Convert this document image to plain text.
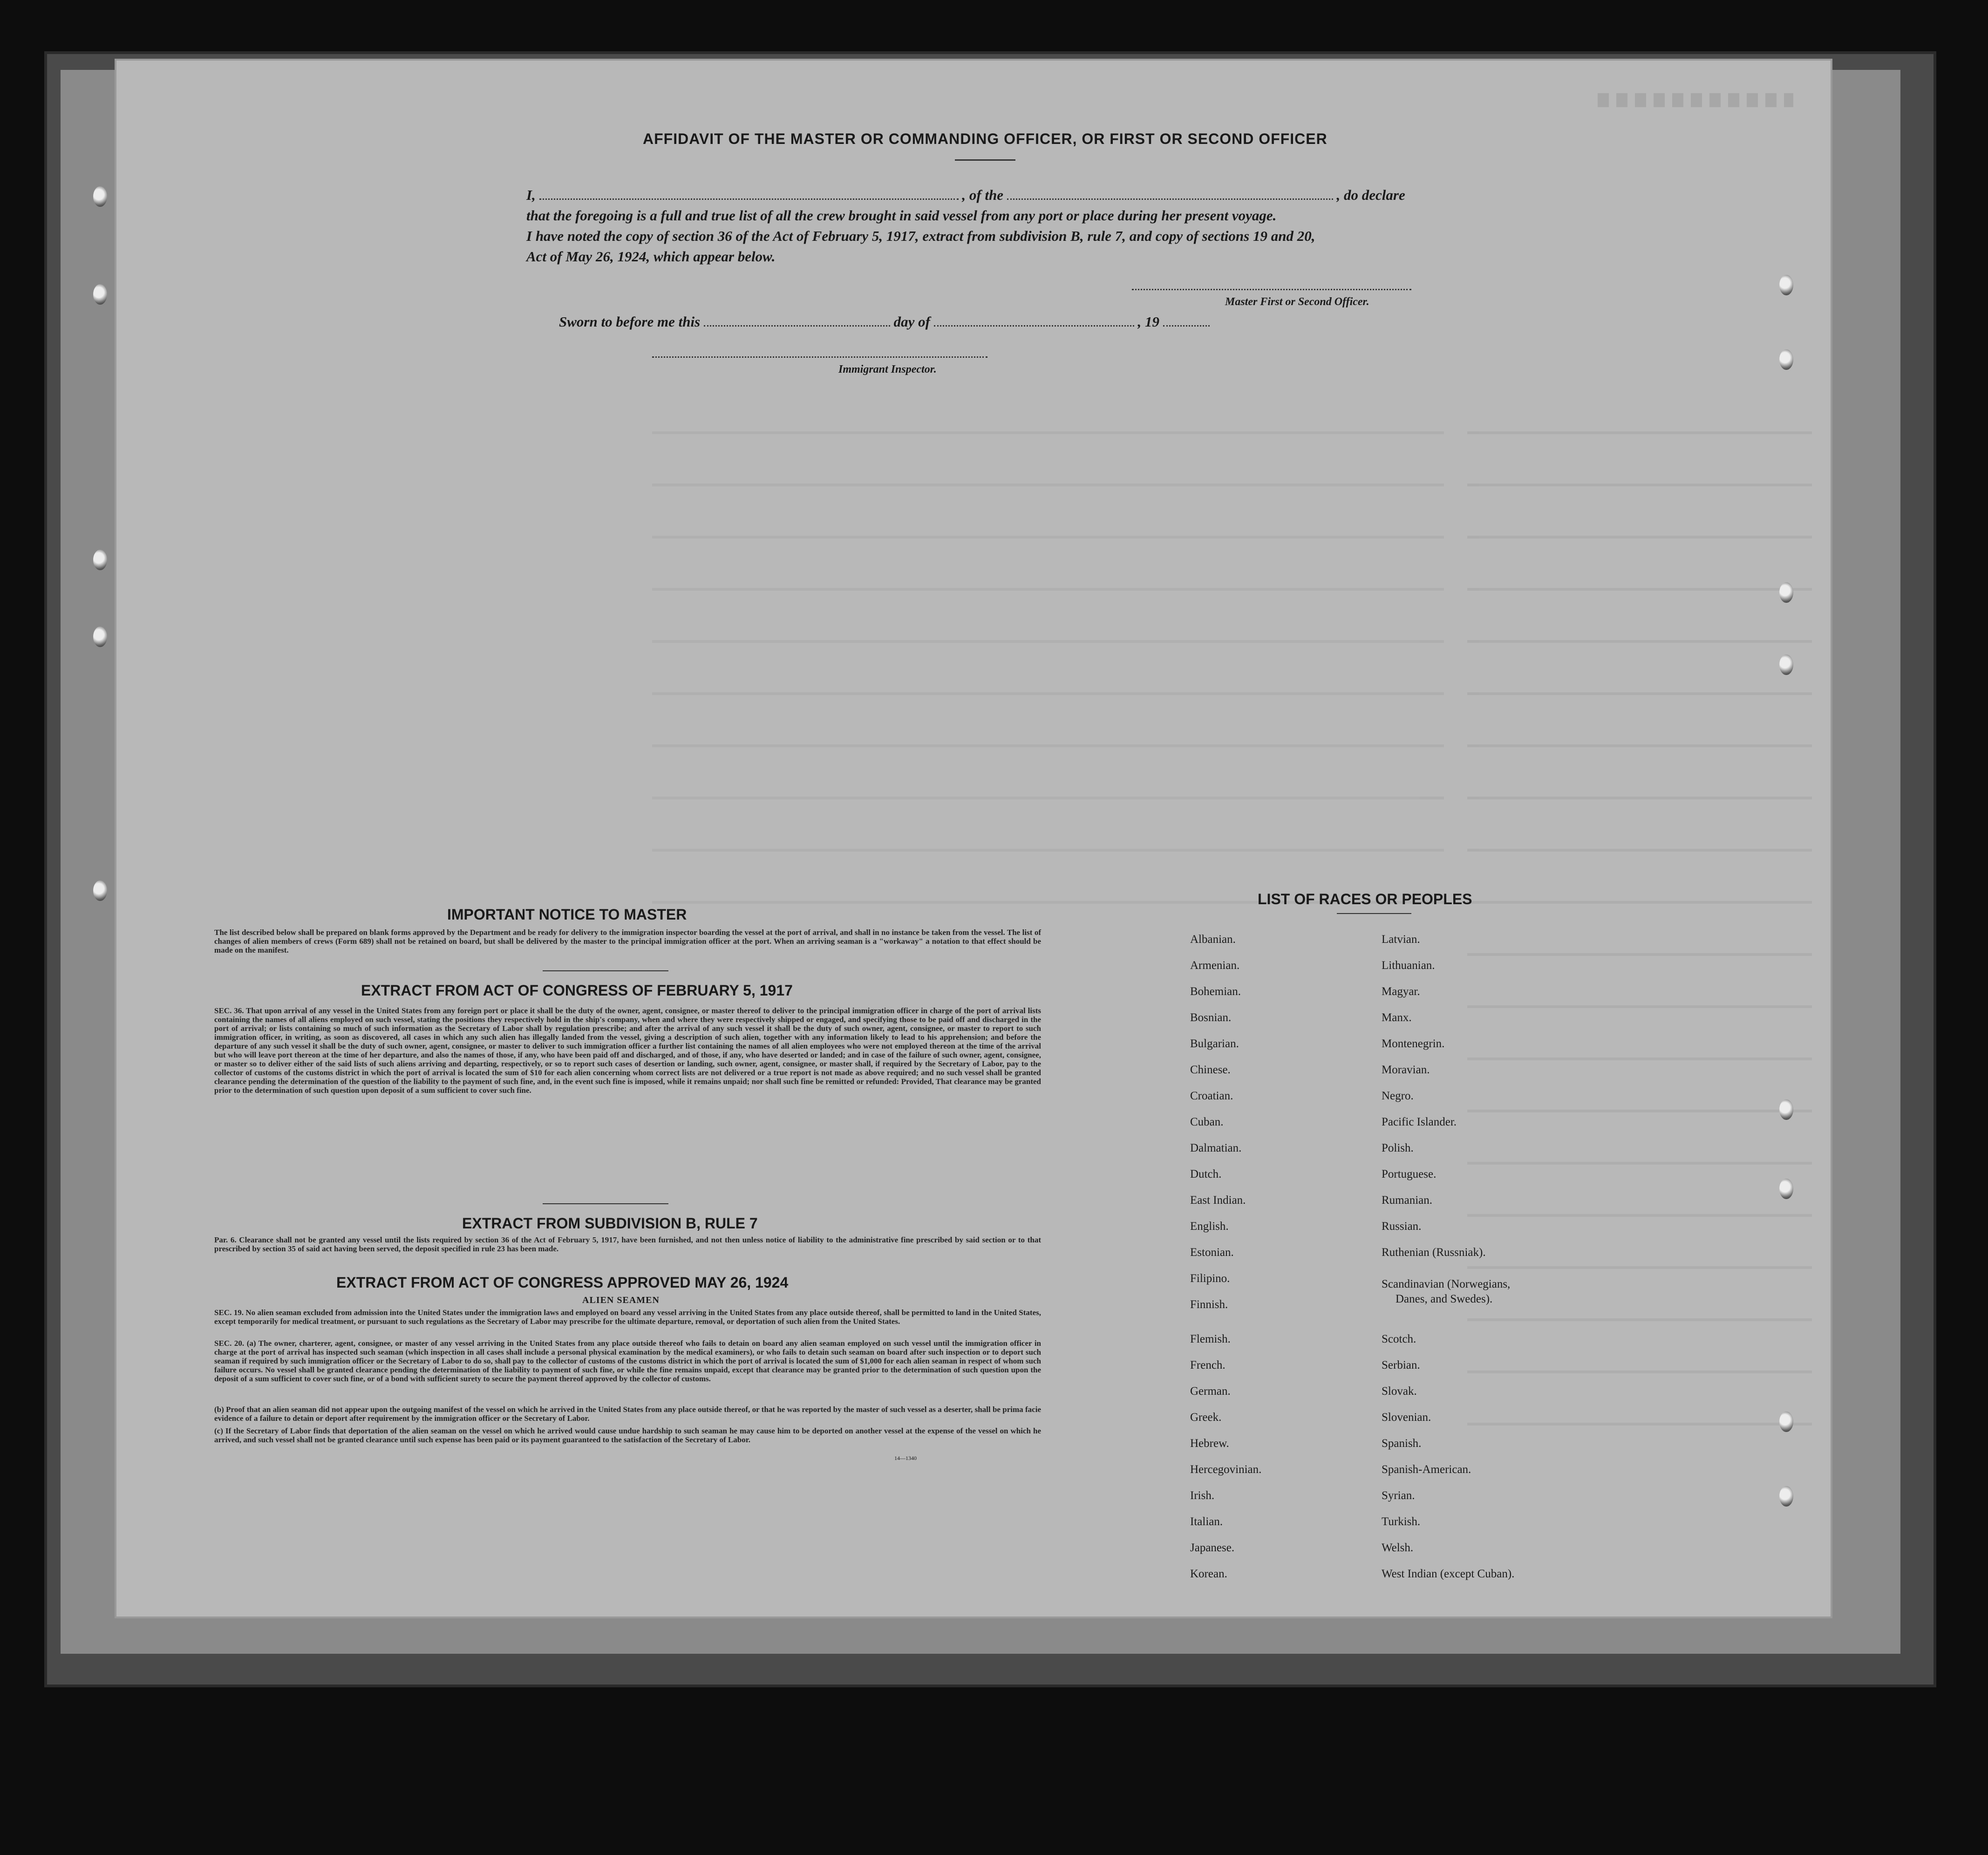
AFFIDAVIT OF THE MASTER OR COMMANDING OFFICER, OR FIRST OR SECOND OFFICER
I,	, of the	, do declare
that the foregoing is a full and true list of all the crew brought in said vessel from any port or place during her present voyage.
I have noted the copy of section 36 of the Act of February 5, 1917, extract from subdivision B, rule 7, and copy of sections 19 and 20,
Act of May 26, 1924, which appear below.
Master First or Second Officer.
Sworn to before me this	day of	, 19
Immigrant Inspector.
IMPORTANT NOTICE TO MASTER
The list described below shall be prepared on blank forms approved by the Department and be ready for delivery to the immigration inspector boarding the vessel at the port of arrival, and shall in no instance be taken from the vessel. The list of changes of alien members of crews (Form 689) shall not be retained on board, but shall be delivered by the master to the principal immigration officer at the port. When an arriving seaman is a "workaway" a notation to that effect should be made on the manifest.
EXTRACT FROM ACT OF CONGRESS OF FEBRUARY 5, 1917
SEC. 36. That upon arrival of any vessel in the United States from any foreign port or place it shall be the duty of the owner, agent, consignee, or master thereof to deliver to the principal immigration officer in charge of the port of arrival lists containing the names of all aliens employed on such vessel, stating the positions they respectively hold in the ship's company, when and where they were respectively shipped or engaged, and specifying those to be paid off and discharged in the port of arrival; or lists containing so much of such information as the Secretary of Labor shall by regulation prescribe; and after the arrival of any such vessel it shall be the duty of such owner, agent, consignee, or master to report to such immigration officer, in writing, as soon as discovered, all cases in which any such alien has illegally landed from the vessel, giving a description of such alien, together with any information likely to lead to his apprehension; and before the departure of any such vessel it shall be the duty of such owner, agent, consignee, or master to deliver to such immigration officer a further list containing the names of all alien employees who were not employed thereon at the time of the arrival but who will leave port thereon at the time of her departure, and also the names of those, if any, who have been paid off and discharged, and of those, if any, who have deserted or landed; and in case of the failure of such owner, agent, consignee, or master so to deliver either of the said lists of such aliens arriving and departing, respectively, or so to report such cases of desertion or landing, such owner, agent, consignee, or master shall, if required by the Secretary of Labor, pay to the collector of customs of the customs district in which the port of arrival is located the sum of $10 for each alien concerning whom correct lists are not delivered or a true report is not made as above required; and no such vessel shall be granted clearance pending the determination of the question of the liability to the payment of such fine, and, in the event such fine is imposed, while it remains unpaid; nor shall such fine be remitted or refunded: Provided, That clearance may be granted prior to the determination of such question upon deposit of a sum sufficient to cover such fine.
EXTRACT FROM SUBDIVISION B, RULE 7
Par. 6. Clearance shall not be granted any vessel until the lists required by section 36 of the Act of February 5, 1917, have been furnished, and not then unless notice of liability to the administrative fine prescribed by said section or to that prescribed by section 35 of said act having been served, the deposit specified in rule 23 has been made.
EXTRACT FROM ACT OF CONGRESS APPROVED MAY 26, 1924
ALIEN SEAMEN
SEC. 19. No alien seaman excluded from admission into the United States under the immigration laws and employed on board any vessel arriving in the United States from any place outside thereof, shall be permitted to land in the United States, except temporarily for medical treatment, or pursuant to such regulations as the Secretary of Labor may prescribe for the ultimate departure, removal, or deportation of such alien from the United States.
SEC. 20. (a) The owner, charterer, agent, consignee, or master of any vessel arriving in the United States from any place outside thereof who fails to detain on board any alien seaman employed on such vessel until the immigration officer in charge at the port of arrival has inspected such seaman (which inspection in all cases shall include a personal physical examination by the medical examiners), or who fails to detain such seaman on board after such inspection or to deport such seaman if required by such immigration officer or the Secretary of Labor to do so, shall pay to the collector of customs of the customs district in which the port of arrival is located the sum of $1,000 for each alien seaman in respect of whom such failure occurs. No vessel shall be granted clearance pending the determination of the liability to payment of such fine, or while the fine remains unpaid, except that clearance may be granted prior to the determination of such question upon the deposit of a sum sufficient to cover such fine, or of a bond with sufficient surety to secure the payment thereof approved by the collector of customs.
(b) Proof that an alien seaman did not appear upon the outgoing manifest of the vessel on which he arrived in the United States from any place outside thereof, or that he was reported by the master of such vessel as a deserter, shall be prima facie evidence of a failure to detain or deport after requirement by the immigration officer or the Secretary of Labor.
(c) If the Secretary of Labor finds that deportation of the alien seaman on the vessel on which he arrived would cause undue hardship to such seaman he may cause him to be deported on another vessel at the expense of the vessel on which he arrived, and such vessel shall not be granted clearance until such expense has been paid or its payment guaranteed to the satisfaction of the Secretary of Labor.
14—1340
LIST OF RACES OR PEOPLES
Albanian.
Armenian.
Bohemian.
Bosnian.
Bulgarian.
Chinese.
Croatian.
Cuban.
Dalmatian.
Dutch.
East Indian.
English.
Estonian.
Filipino.
Finnish.
Flemish.
French.
German.
Greek.
Hebrew.
Hercegovinian.
Irish.
Italian.
Japanese.
Korean.
Latvian.
Lithuanian.
Magyar.
Manx.
Montenegrin.
Moravian.
Negro.
Pacific Islander.
Polish.
Portuguese.
Rumanian.
Russian.
Ruthenian (Russniak).
Scandinavian (Norwegians,
Danes, and Swedes).
Scotch.
Serbian.
Slovak.
Slovenian.
Spanish.
Spanish-American.
Syrian.
Turkish.
Welsh.
West Indian (except Cuban).
